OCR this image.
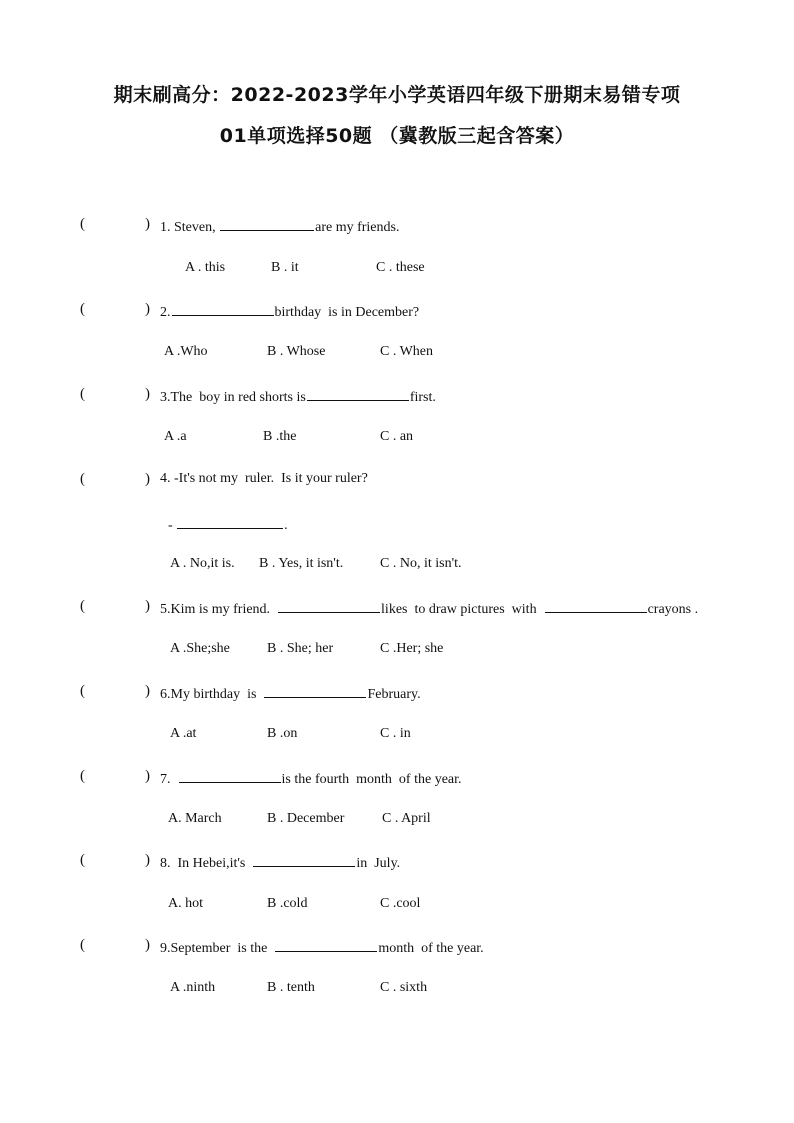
期末刷高分：2022-2023学年小学英语四年级下册期末易错专项
01单项选择50题 （冀教版三起含答案）
(	) 1. Steven,	are my friends.
A . this	B . it	C . these
(	) 2.	birthday  is in December?
A .Who	B . Whose	C . When
(	) 3.The  boy in red shorts is	first.
A .a	B .the	C . an
(	) 4. -It's not my  ruler.  Is it your ruler?
-	.
A . No,it is. B . Yes, it isn't.	C . No, it isn't.
(	) 5.Kim is my friend.	likes  to draw pictures  with	crayons .
A .She;she	B . She; her	C .Her; she
(	) 6.My birthday  is	February.
A .at	B .on	C . in
(	) 7.	is the fourth  month  of the year.
A. March	B . December	C . April
(	) 8.  In Hebei,it's	in  July.
A. hot	B .cold	C .cool
(	) 9.September  is the	month  of the year.
A .ninth	B . tenth	C . sixth
